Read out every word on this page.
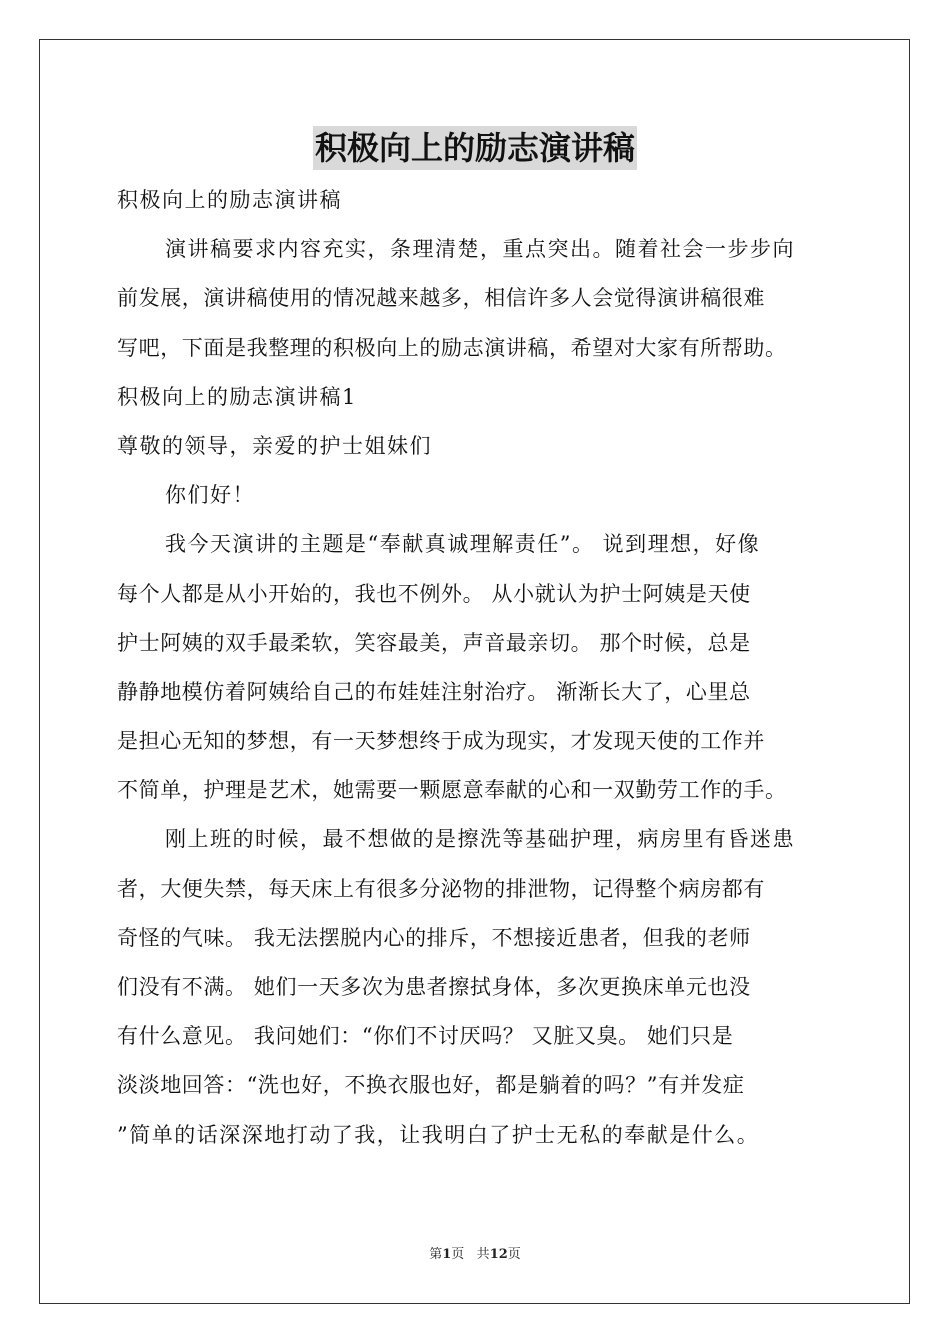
积极向上的励志演讲稿
积极向上的励志演讲稿
演讲稿要求内容充实，条理清楚，重点突出。随着社会一步步向
前发展，演讲稿使用的情况越来越多，相信许多人会觉得演讲稿很难
写吧，下面是我整理的积极向上的励志演讲稿，希望对大家有所帮助。
积极向上的励志演讲稿1
尊敬的领导，亲爱的护士姐妹们
你们好！
我今天演讲的主题是“奉献真诚理解责任”。 说到理想，好像
每个人都是从小开始的，我也不例外。 从小就认为护士阿姨是天使
护士阿姨的双手最柔软，笑容最美，声音最亲切。 那个时候，总是
静静地模仿着阿姨给自己的布娃娃注射治疗。 渐渐长大了，心里总
是担心无知的梦想，有一天梦想终于成为现实，才发现天使的工作并
不简单，护理是艺术，她需要一颗愿意奉献的心和一双勤劳工作的手。
刚上班的时候，最不想做的是擦洗等基础护理，病房里有昏迷患
者，大便失禁，每天床上有很多分泌物的排泄物，记得整个病房都有
奇怪的气味。 我无法摆脱内心的排斥，不想接近患者，但我的老师
们没有不满。 她们一天多次为患者擦拭身体，多次更换床单元也没
有什么意见。 我问她们：“你们不讨厌吗？ 又脏又臭。 她们只是
淡淡地回答：“洗也好，不换衣服也好，都是躺着的吗？”有并发症
”简单的话深深地打动了我，让我明白了护士无私的奉献是什么。
第1页 共12页
